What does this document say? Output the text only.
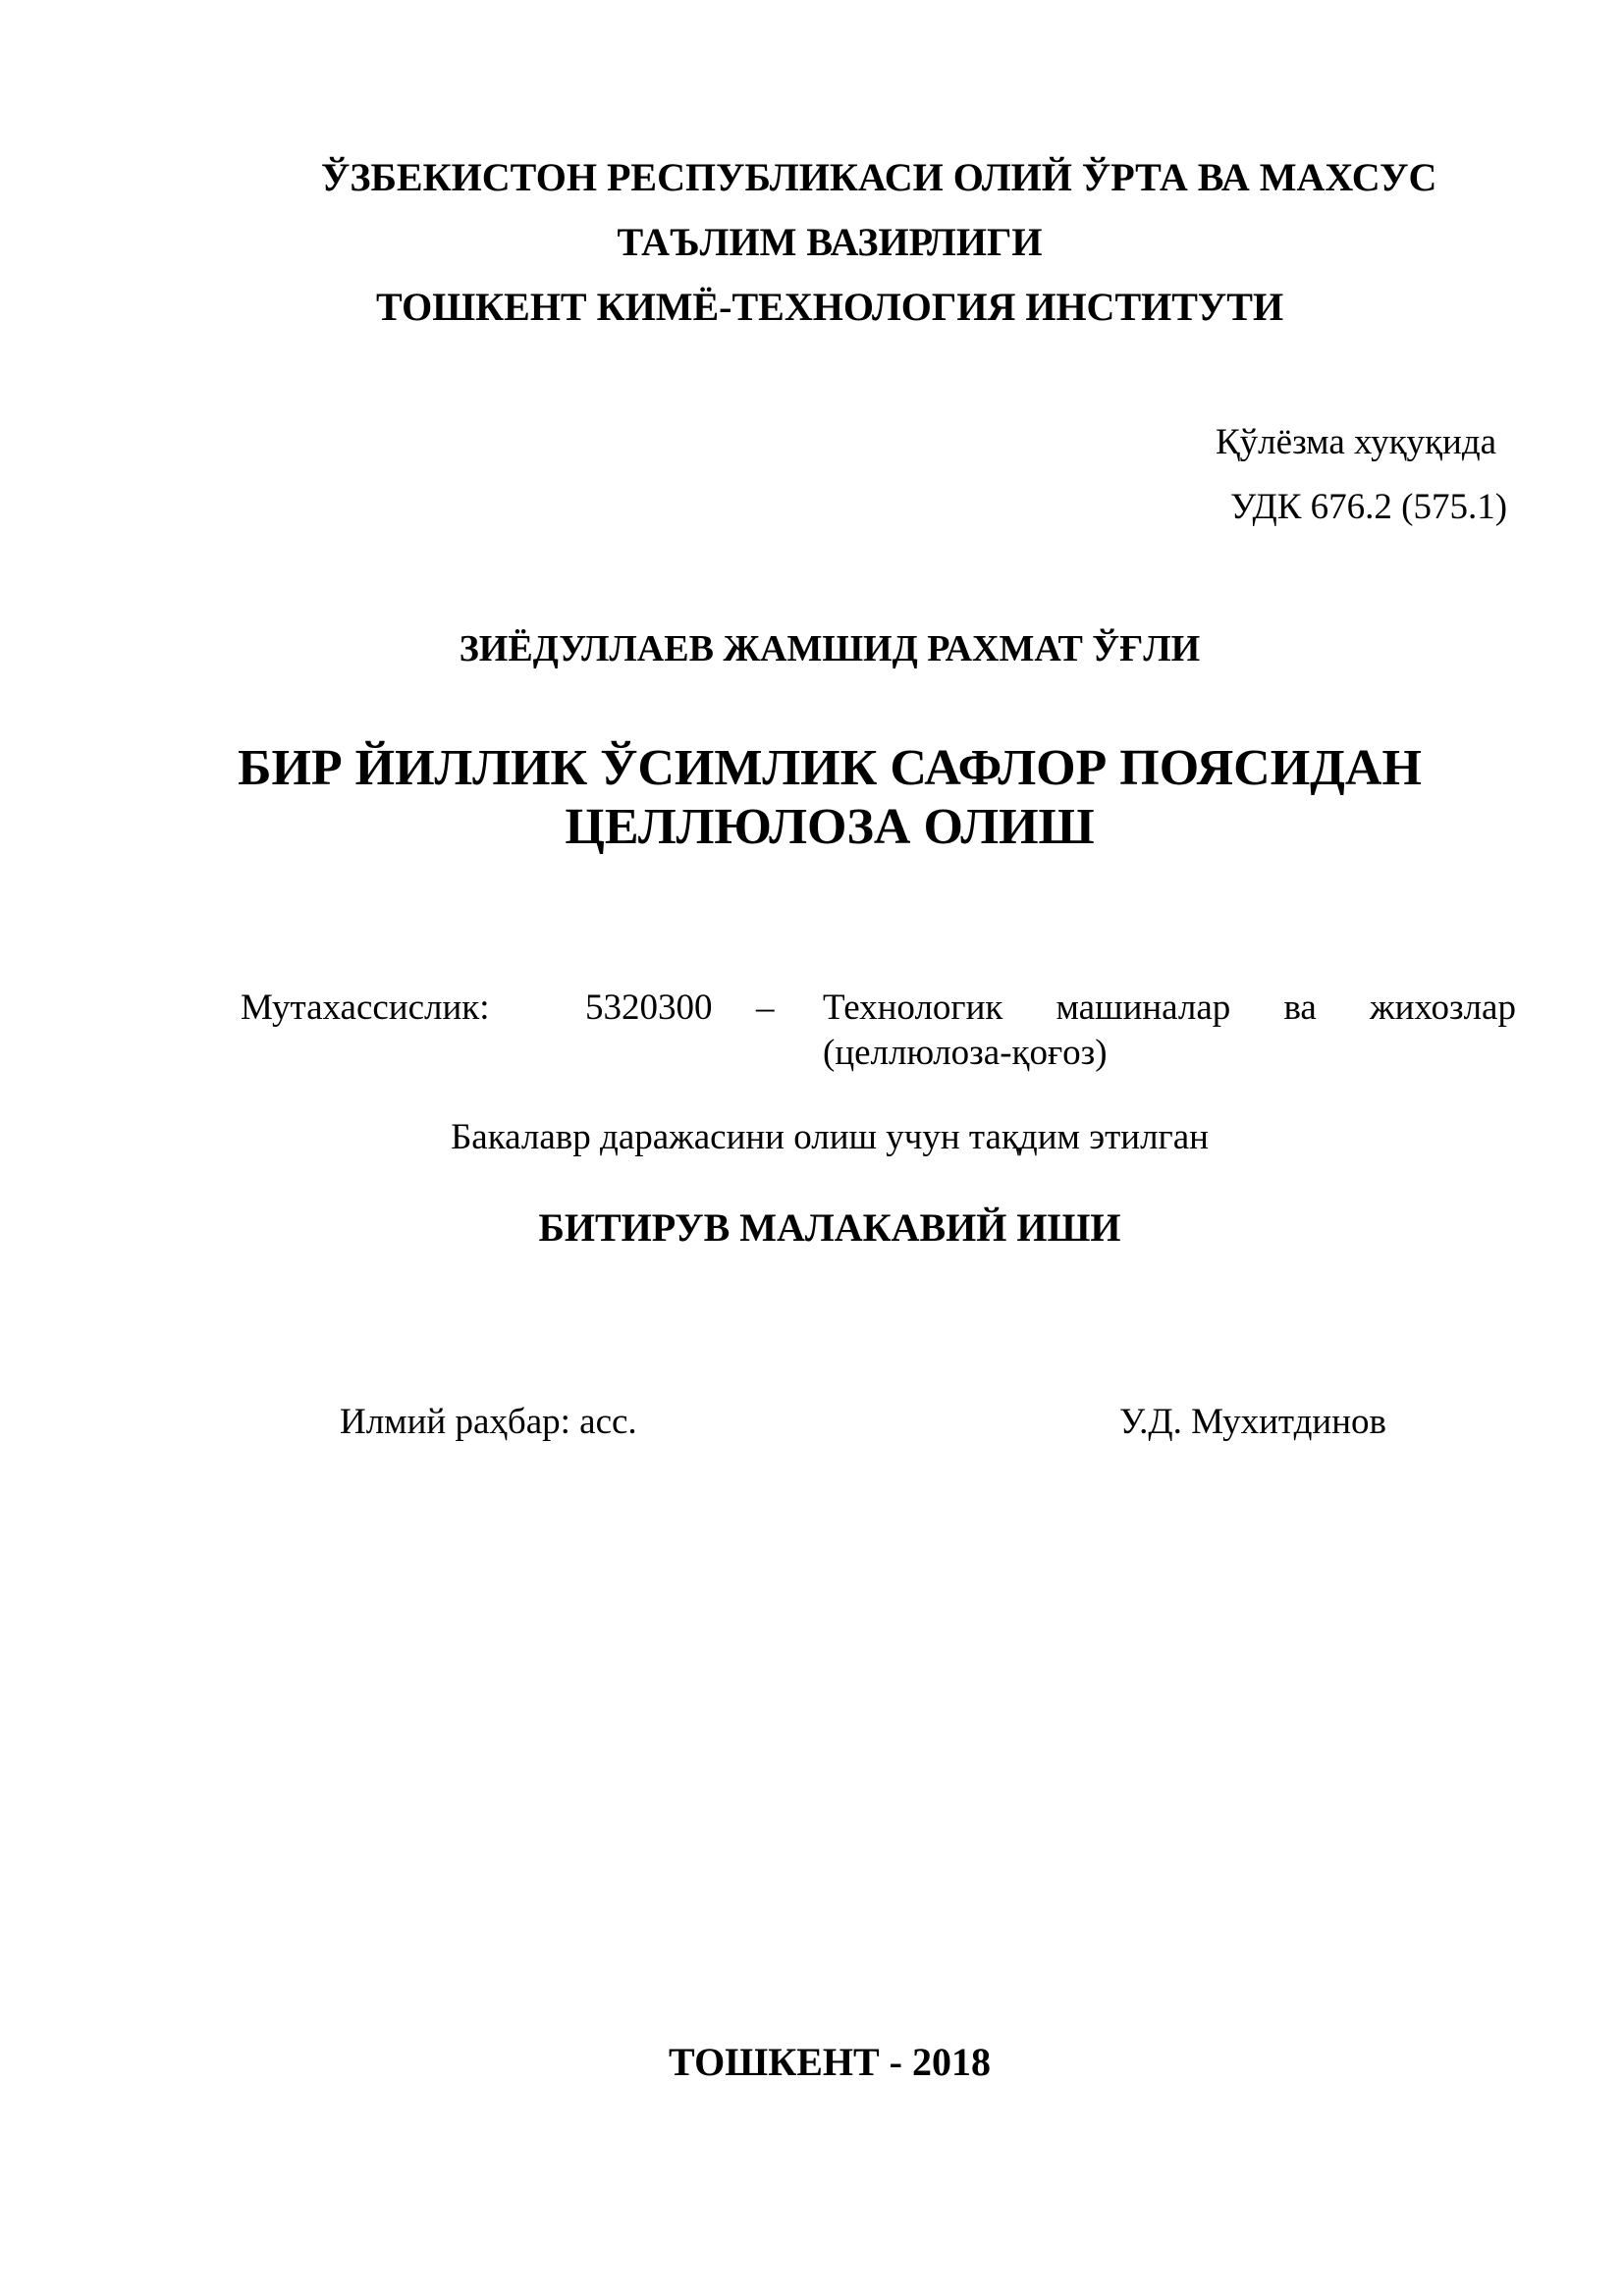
ЎЗБЕКИСТОН РЕСПУБЛИКАСИ ОЛИЙ ЎРТА ВА МАХСУС
ТАЪЛИМ ВАЗИРЛИГИ
ТОШКЕНТ КИМЁ-ТЕХНОЛОГИЯ ИНСТИТУТИ
Қўлёзма хуқуқида
УДК 676.2 (575.1)
ЗИЁДУЛЛАЕВ ЖАМШИД РАХМАТ ЎҒЛИ
БИР ЙИЛЛИК ЎСИМЛИК САФЛОР ПОЯСИДАН
ЦЕЛЛЮЛОЗА ОЛИШ
Мутахассислик:	5320300 – Технологик машиналар ва жихозлар
(целлюлоза-қоғоз)
Бакалавр даражасини олиш учун тақдим этилган
БИТИРУВ МАЛАКАВИЙ ИШИ
Илмий раҳбар: асс.	У.Д. Мухитдинов
ТОШКЕНТ - 2018
